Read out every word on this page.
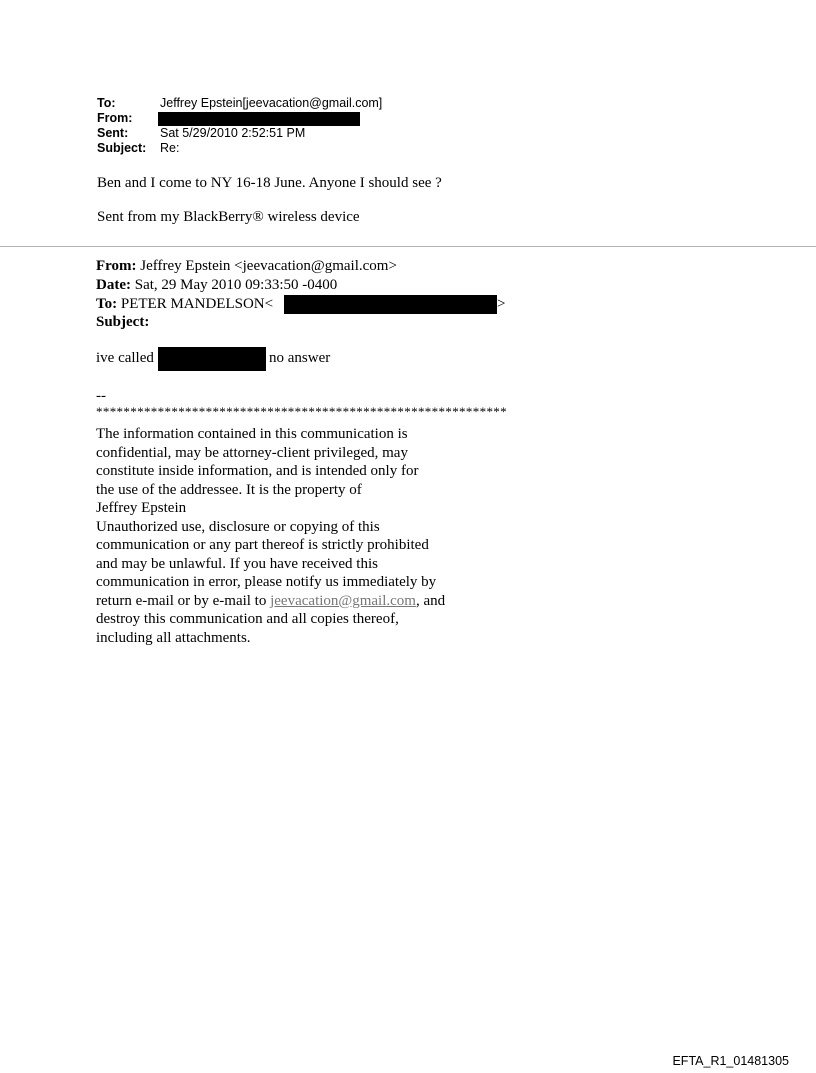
To:	Jeffrey Epstein[jeevacation@gmail.com]
From:
Sent:	Sat 5/29/2010 2:52:51 PM
Subject: Re:
Ben and I come to NY 16-18 June. Anyone I should see ?
Sent from my BlackBerry® wireless device
From: Jeffrey Epstein <jeevacation@gmail.com>
Date: Sat, 29 May 2010 09:33:50 -0400
To: PETER MANDELSON<	>
Subject:
ive called	no answer
--
************************************************************
The information contained in this communication is
confidential, may be attorney-client privileged, may
constitute inside information, and is intended only for
the use of the addressee. It is the property of
Jeffrey Epstein
Unauthorized use, disclosure or copying of this
communication or any part thereof is strictly prohibited
and may be unlawful. If you have received this
communication in error, please notify us immediately by
return e-mail or by e-mail to jeevacation@gmail.com, and
destroy this communication and all copies thereof,
including all attachments.
EFTA_R1_01481305
